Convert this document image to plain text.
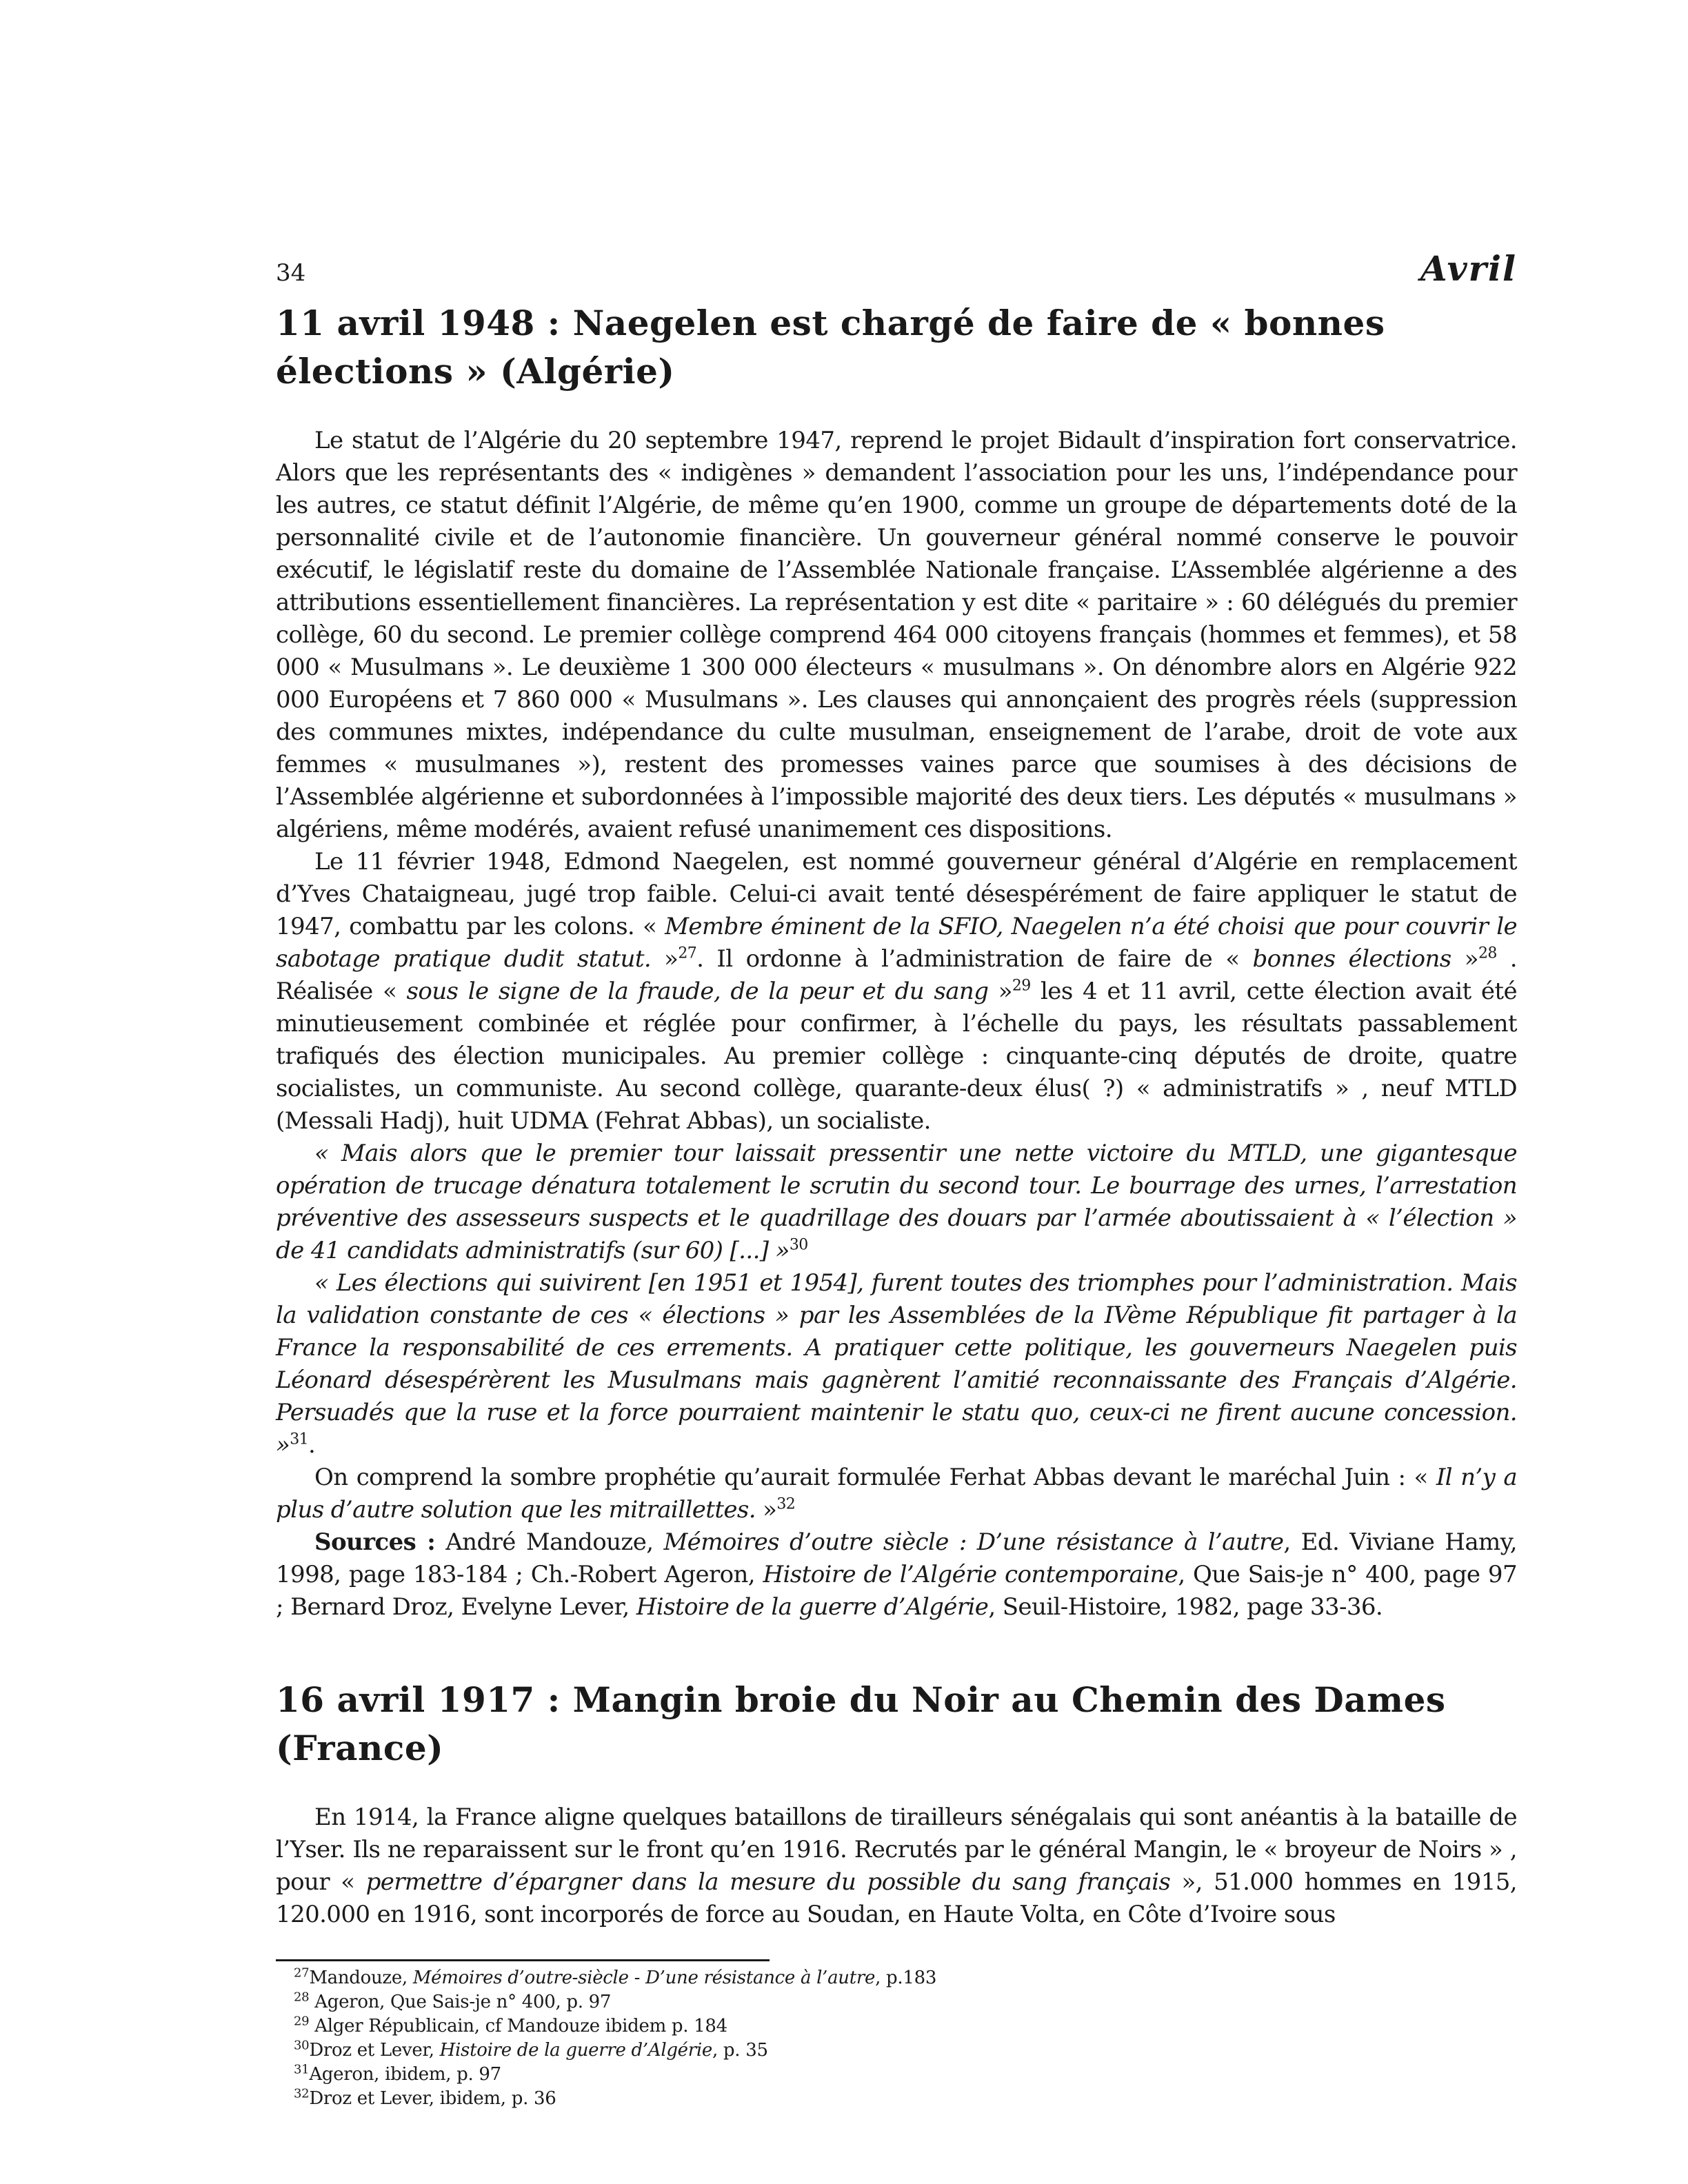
34	Avril
11 avril 1948 : Naegelen est chargé de faire de « bonnes élections » (Algérie)

Le statut de l’Algérie du 20 septembre 1947, reprend le projet Bidault d’inspiration fort conservatrice. Alors que les représentants des « indigènes » demandent l’association pour les uns, l’indépendance pour les autres, ce statut définit l’Algérie, de même qu’en 1900, comme un groupe de départements doté de la personnalité civile et de l’autonomie financière. Un gouverneur général nommé conserve le pouvoir exécutif, le législatif reste du domaine de l’Assemblée Nationale française. L’Assemblée algérienne a des attributions essentiellement financières. La représentation y est dite « paritaire » : 60 délégués du premier collège, 60 du second. Le premier collège comprend 464 000 citoyens français (hommes et femmes), et 58 000 « Musulmans ». Le deuxième 1 300 000 électeurs « musulmans ». On dénombre alors en Algérie 922 000 Européens et 7 860 000 « Musulmans ». Les clauses qui annonçaient des progrès réels (suppression des communes mixtes, indépendance du culte musulman, enseignement de l’arabe, droit de vote aux femmes « musulmanes »), restent des promesses vaines parce que soumises à des décisions de l’Assemblée algérienne et subordonnées à l’impossible majorité des deux tiers. Les députés « musulmans » algériens, même modérés, avaient refusé unanimement ces dispositions.

Le 11 février 1948, Edmond Naegelen, est nommé gouverneur général d’Algérie en remplacement d’Yves Chataigneau, jugé trop faible. Celui-ci avait tenté désespérément de faire appliquer le statut de 1947, combattu par les colons. « Membre éminent de la SFIO, Naegelen n’a été choisi que pour couvrir le sabotage pratique dudit statut. »$^{27}$. Il ordonne à l’administration de faire de « bonnes élections »$^{28}$ . Réalisée « sous le signe de la fraude, de la peur et du sang »$^{29}$ les 4 et 11 avril, cette élection avait été minutieusement combinée et réglée pour confirmer, à l’échelle du pays, les résultats passablement trafiqués des élection municipales. Au premier collège : cinquante-cinq députés de droite, quatre socialistes, un communiste. Au second collège, quarante-deux élus( ?) « administratifs » , neuf MTLD (Messali Hadj), huit UDMA (Fehrat Abbas), un socialiste.

« Mais alors que le premier tour laissait pressentir une nette victoire du MTLD, une gigantesque opération de trucage dénatura totalement le scrutin du second tour. Le bourrage des urnes, l’arrestation préventive des assesseurs suspects et le quadrillage des douars par l’armée aboutissaient à « l’élection » de 41 candidats administratifs (sur 60) [...] »$^{30}$

« Les élections qui suivirent [en 1951 et 1954], furent toutes des triomphes pour l’administration. Mais la validation constante de ces « élections » par les Assemblées de la IVème République fit partager à la France la responsabilité de ces errements. A pratiquer cette politique, les gouverneurs Naegelen puis Léonard désespérèrent les Musulmans mais gagnèrent l’amitié reconnaissante des Français d’Algérie. Persuadés que la ruse et la force pourraient maintenir le statu quo, ceux-ci ne firent aucune concession. »$^{31}$.

On comprend la sombre prophétie qu’aurait formulée Ferhat Abbas devant le maréchal Juin : « Il n’y a plus d’autre solution que les mitraillettes. »$^{32}$

Sources : André Mandouze, Mémoires d’outre siècle : D’une résistance à l’autre, Ed. Viviane Hamy, 1998, page 183-184 ; Ch.-Robert Ageron, Histoire de l’Algérie contemporaine, Que Sais-je n° 400, page 97 ; Bernard Droz, Evelyne Lever, Histoire de la guerre d’Algérie, Seuil-Histoire, 1982, page 33-36.

16 avril 1917 : Mangin broie du Noir au Chemin des Dames (France)

En 1914, la France aligne quelques bataillons de tirailleurs sénégalais qui sont anéantis à la bataille de l’Yser. Ils ne reparaissent sur le front qu’en 1916. Recrutés par le général Mangin, le « broyeur de Noirs » , pour « permettre d’épargner dans la mesure du possible du sang français », 51.000 hommes en 1915, 120.000 en 1916, sont incorporés de force au Soudan, en Haute Volta, en Côte d’Ivoire sous

$^{27}$Mandouze, Mémoires d’outre-siècle - D’une résistance à l’autre, p.183
$^{28}$ Ageron, Que Sais-je n° 400, p. 97
$^{29}$ Alger Républicain, cf Mandouze ibidem p. 184
$^{30}$Droz et Lever, Histoire de la guerre d’Algérie, p. 35
$^{31}$Ageron, ibidem, p. 97
$^{32}$Droz et Lever, ibidem, p. 36
